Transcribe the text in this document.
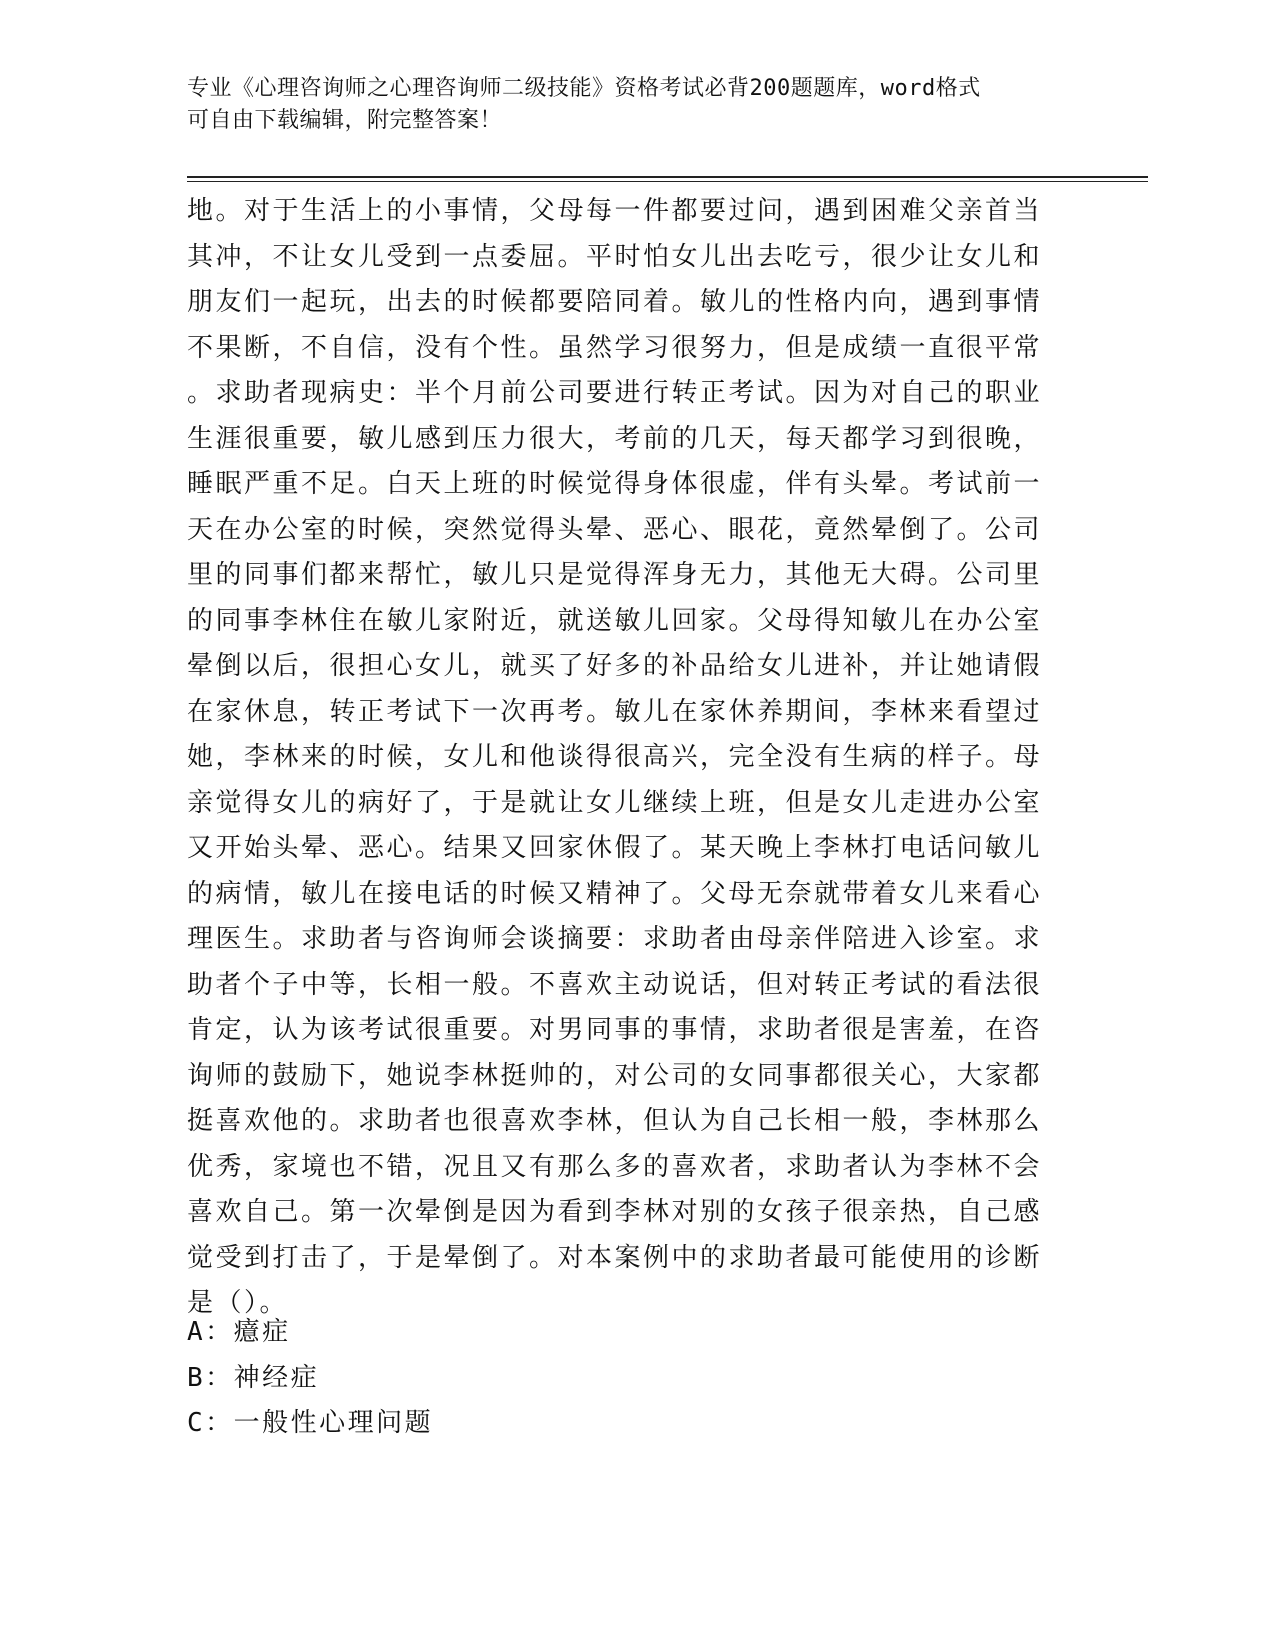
专业《心理咨询师之心理咨询师二级技能》资格考试必背200题题库，word格式
可自由下载编辑，附完整答案！
地。对于生活上的小事情，父母每一件都要过问，遇到困难父亲首当
其冲，不让女儿受到一点委屈。平时怕女儿出去吃亏，很少让女儿和
朋友们一起玩，出去的时候都要陪同着。敏儿的性格内向，遇到事情
不果断，不自信，没有个性。虽然学习很努力，但是成绩一直很平常
。求助者现病史：半个月前公司要进行转正考试。因为对自己的职业
生涯很重要，敏儿感到压力很大，考前的几天，每天都学习到很晚，
睡眠严重不足。白天上班的时候觉得身体很虚，伴有头晕。考试前一
天在办公室的时候，突然觉得头晕、恶心、眼花，竟然晕倒了。公司
里的同事们都来帮忙，敏儿只是觉得浑身无力，其他无大碍。公司里
的同事李林住在敏儿家附近，就送敏儿回家。父母得知敏儿在办公室
晕倒以后，很担心女儿，就买了好多的补品给女儿进补，并让她请假
在家休息，转正考试下一次再考。敏儿在家休养期间，李林来看望过
她，李林来的时候，女儿和他谈得很高兴，完全没有生病的样子。母
亲觉得女儿的病好了，于是就让女儿继续上班，但是女儿走进办公室
又开始头晕、恶心。结果又回家休假了。某天晚上李林打电话问敏儿
的病情，敏儿在接电话的时候又精神了。父母无奈就带着女儿来看心
理医生。求助者与咨询师会谈摘要：求助者由母亲伴陪进入诊室。求
助者个子中等，长相一般。不喜欢主动说话，但对转正考试的看法很
肯定，认为该考试很重要。对男同事的事情，求助者很是害羞，在咨
询师的鼓励下，她说李林挺帅的，对公司的女同事都很关心，大家都
挺喜欢他的。求助者也很喜欢李林，但认为自己长相一般，李林那么
优秀，家境也不错，况且又有那么多的喜欢者，求助者认为李林不会
喜欢自己。第一次晕倒是因为看到李林对别的女孩子很亲热，自己感
觉受到打击了，于是晕倒了。对本案例中的求助者最可能使用的诊断
是（）。
A：癔症
B：神经症
C：一般性心理问题
